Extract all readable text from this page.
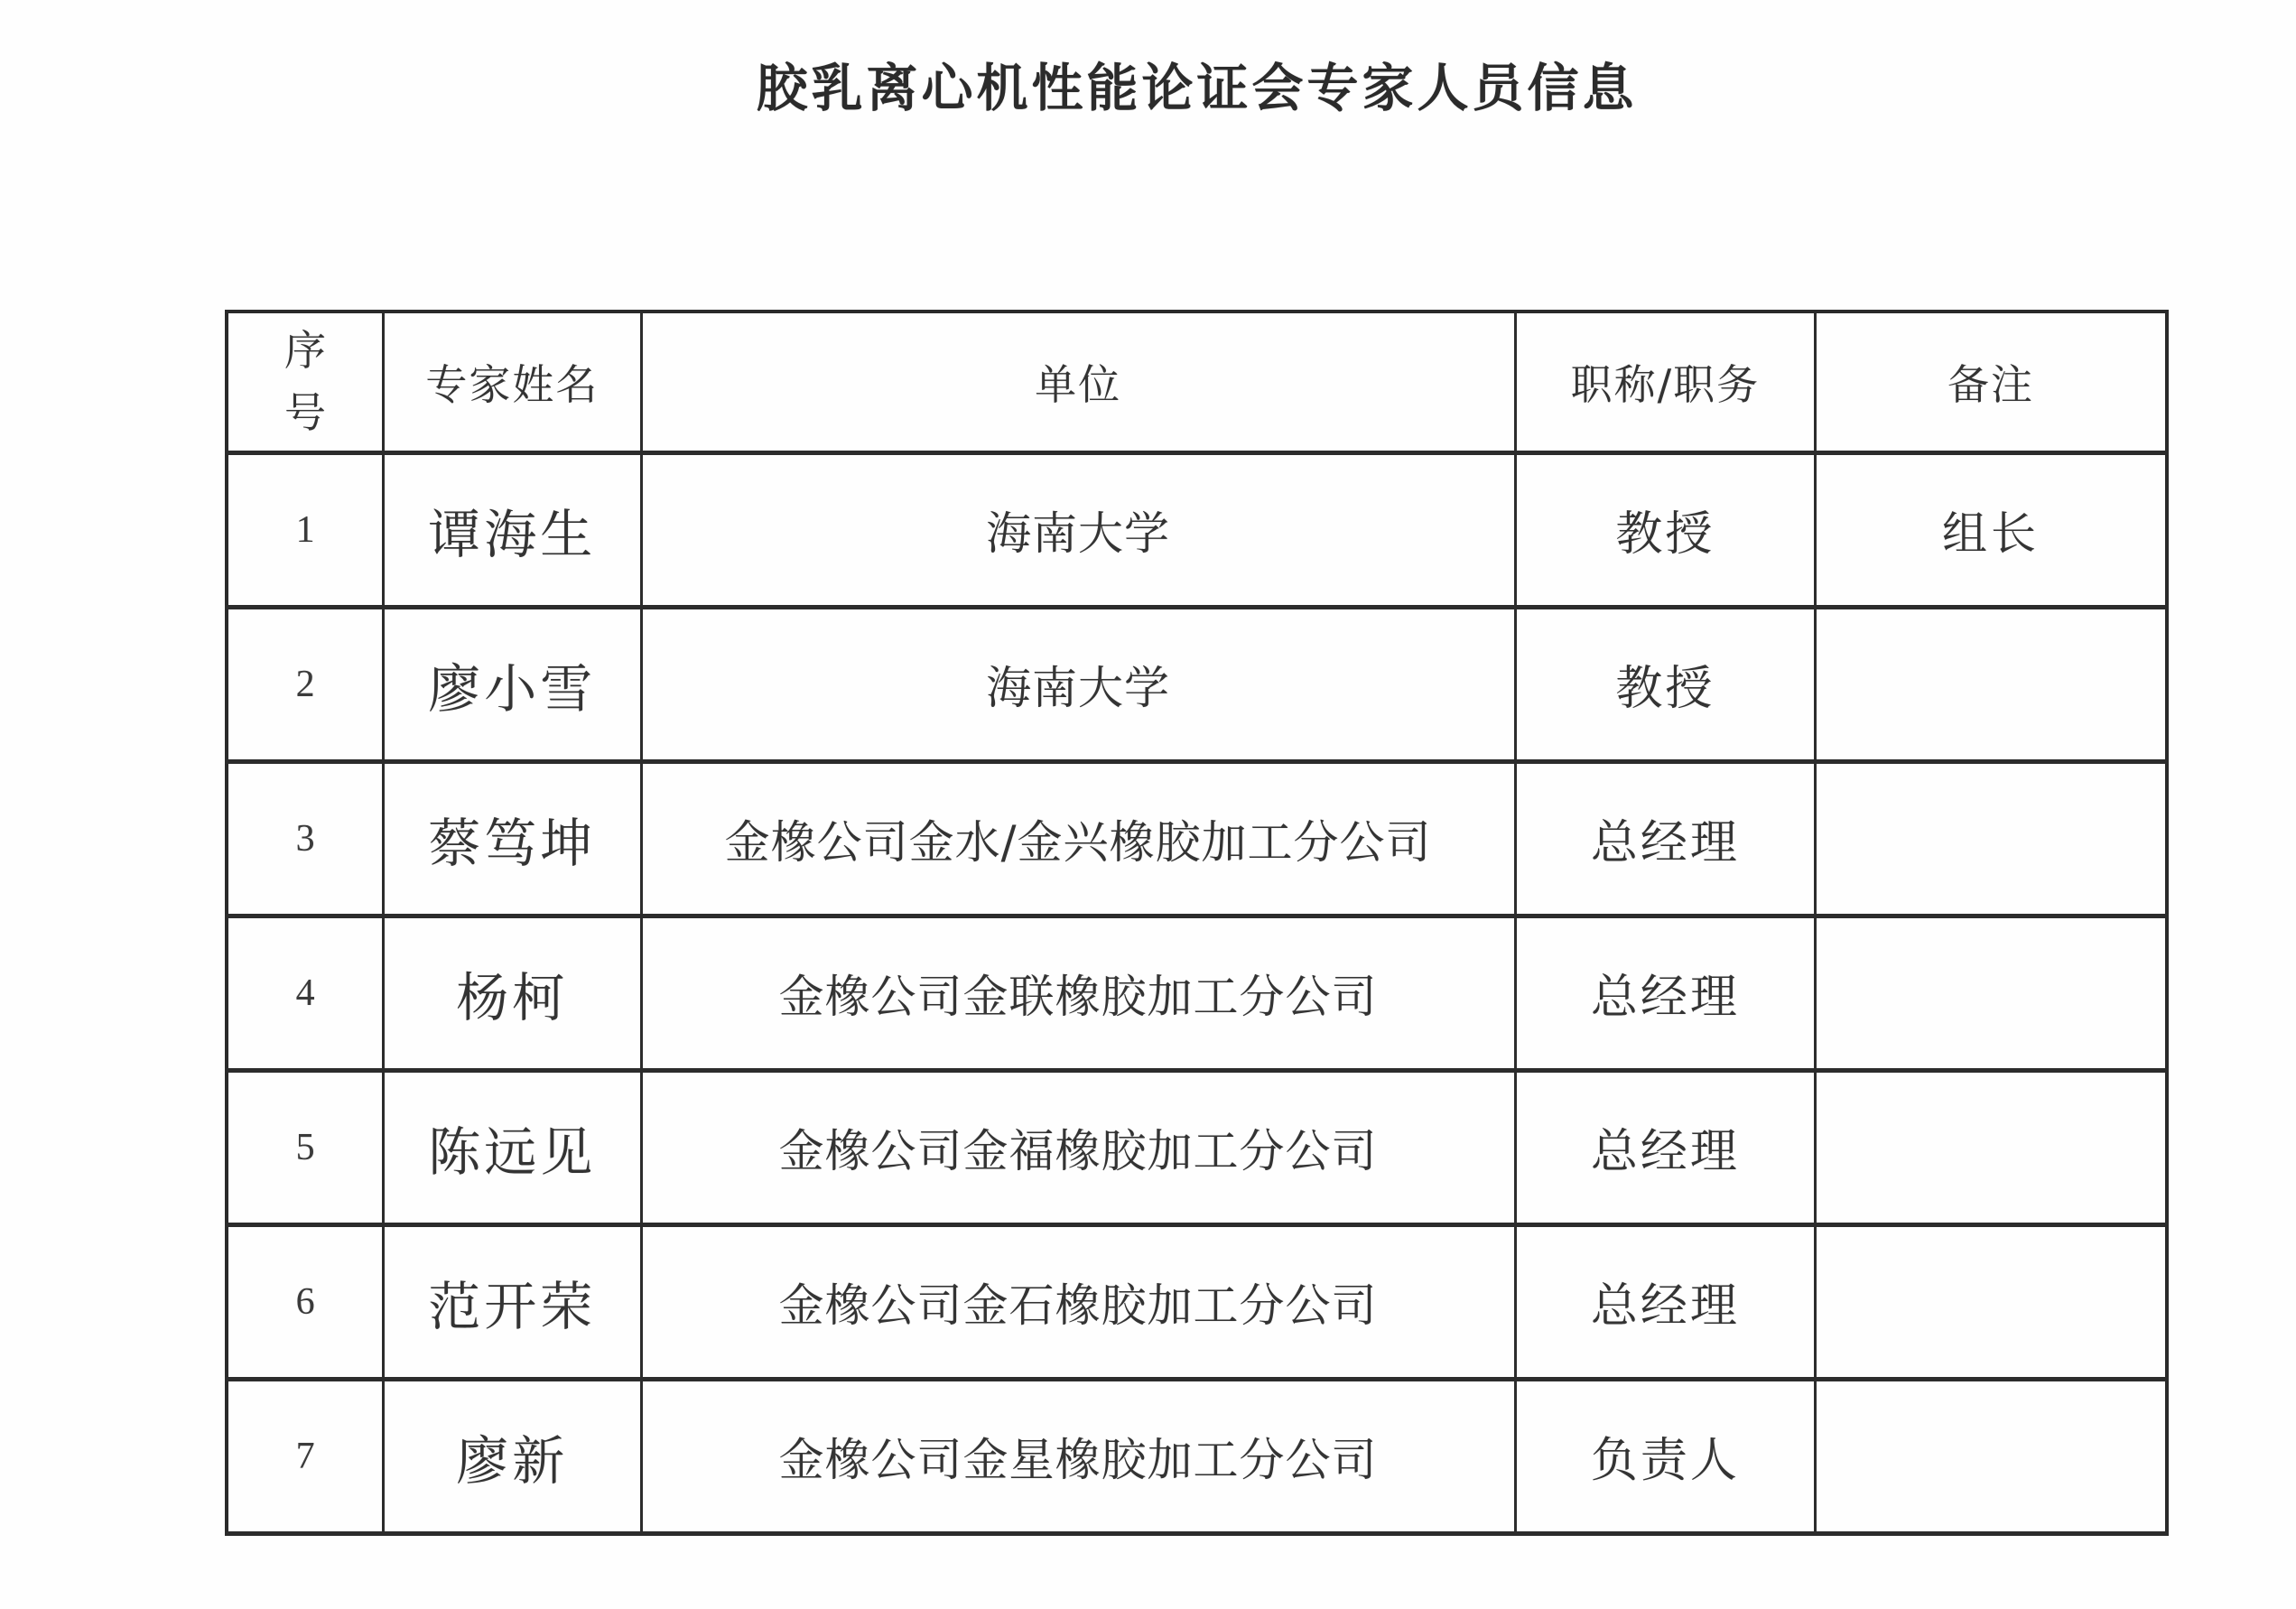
胶乳离心机性能论证会专家人员信息
序号	专家姓名	单位	职称/职务	备注
1	谭海生	海南大学	教授	组长
2	廖小雪	海南大学	教授	
3	蔡笃坤	金橡公司金水/金兴橡胶加工分公司	总经理	
4	杨柯	金橡公司金联橡胶加工分公司	总经理	
5	陈远见	金橡公司金福橡胶加工分公司	总经理	
6	范开荣	金橡公司金石橡胶加工分公司	总经理	
7	廖新	金橡公司金星橡胶加工分公司	负责人	
